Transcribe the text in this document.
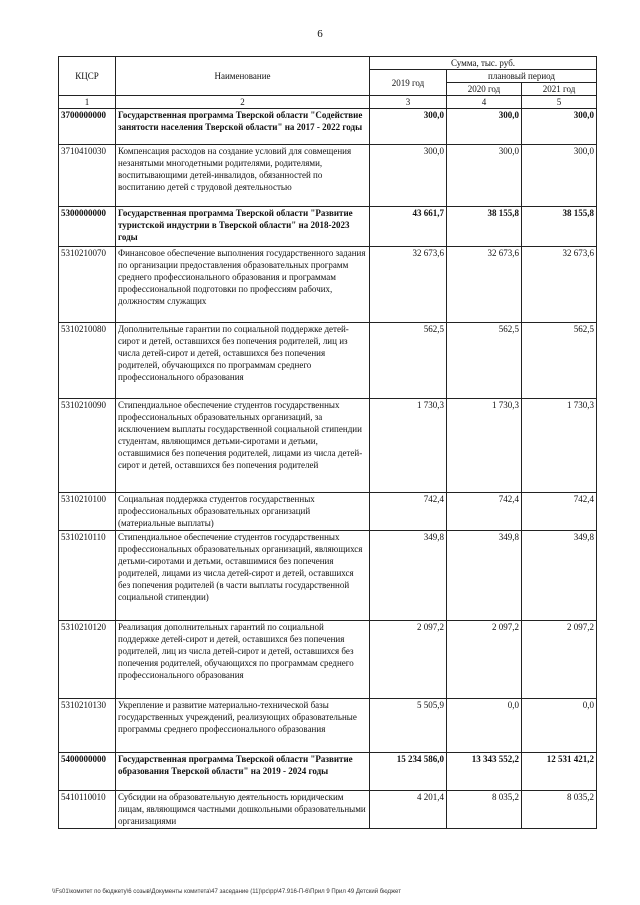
6
КЦСР	Наименование	Сумма, тыс. руб.		
		2019 год	плановый период	
			2020 год	2021 год
1	2	3	4	5
3700000000	Государственная программа Тверской области "Содействие занятости населения Тверской области" на 2017 - 2022 годы	300,0	300,0	300,0
3710410030	Компенсация расходов на создание условий для совмещения незанятыми многодетными родителями, родителями, воспитывающими детей-инвалидов, обязанностей по воспитанию детей с трудовой деятельностью	300,0	300,0	300,0
5300000000	Государственная программа Тверской области "Развитие туристской индустрии в Тверской области" на 2018-2023 годы	43 661,7	38 155,8	38 155,8
5310210070	Финансовое обеспечение выполнения государственного задания по организации предоставления образовательных программ среднего профессионального образования и программам профессиональной подготовки по профессиям рабочих, должностям служащих	32 673,6	32 673,6	32 673,6
5310210080	Дополнительные гарантии по социальной поддержке детей-сирот и детей, оставшихся без попечения родителей, лиц из числа детей-сирот и детей, оставшихся без попечения родителей, обучающихся по программам среднего профессионального образования	562,5	562,5	562,5
5310210090	Стипендиальное обеспечение студентов государственных профессиональных образовательных организаций, за исключением выплаты государственной социальной стипендии студентам, являющимся детьми-сиротами и детьми, оставшимися без попечения родителей, лицами из числа детей-сирот и детей, оставшихся без попечения родителей	1 730,3	1 730,3	1 730,3
5310210100	Социальная поддержка студентов государственных профессиональных образовательных организаций (материальные выплаты)	742,4	742,4	742,4
5310210110	Стипендиальное обеспечение студентов государственных профессиональных образовательных организаций, являющихся детьми-сиротами и детьми, оставшимися без попечения родителей, лицами из числа детей-сирот и детей, оставшихся без попечения родителей (в части выплаты государственной социальной стипендии)	349,8	349,8	349,8
5310210120	Реализация дополнительных гарантий по социальной поддержке детей-сирот и детей, оставшихся без попечения родителей, лиц из числа детей-сирот и детей, оставшихся без попечения родителей, обучающихся по программам среднего профессионального образования	2 097,2	2 097,2	2 097,2
5310210130	Укрепление и развитие материально-технической базы государственных учреждений, реализующих образовательные программы среднего профессионального образования	5 505,9	0,0	0,0
5400000000	Государственная программа Тверской области "Развитие образования Тверской области" на 2019 - 2024 годы	15 234 586,0	13 343 552,2	12 531 421,2
5410110010	Субсидии на образовательную деятельность юридическим лицам, являющимся частными дошкольными образовательными организациями	4 201,4	8 035,2	8 035,2
\\Fs01\комитет по бюджету\6 созыв\Документы комитета\47 заседание (11)\рс\рр\47.916-П-6\Прил 9 Прил 49 Детский бюджет
